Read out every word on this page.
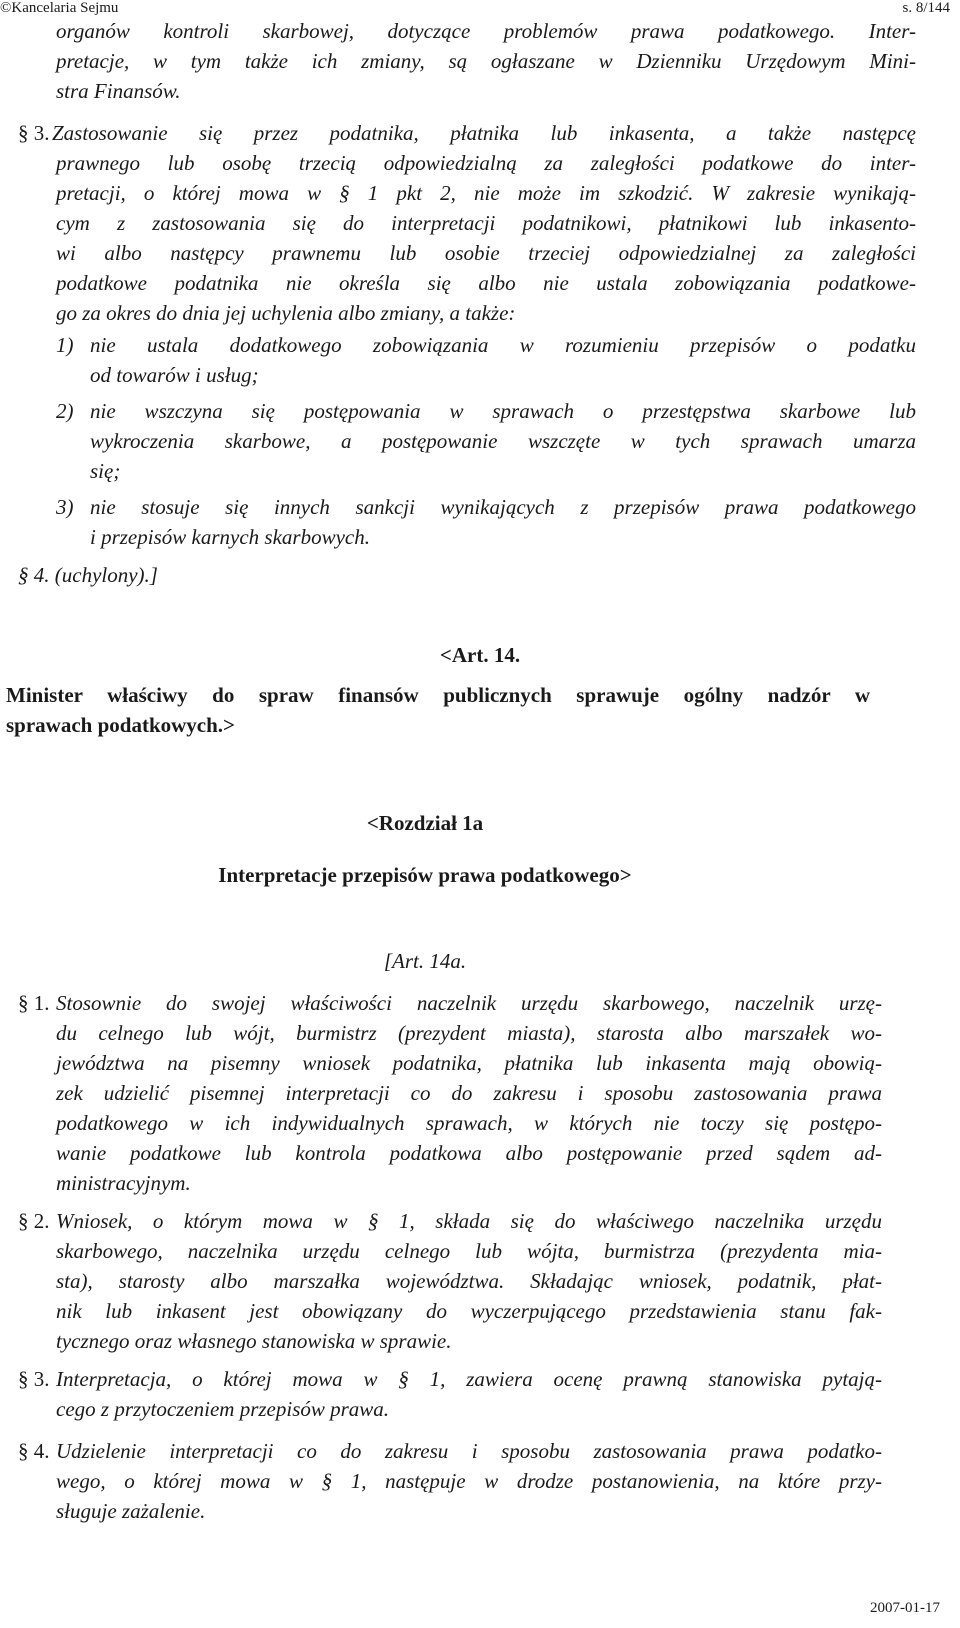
©Kancelaria Sejmu	s. 8/144
organów kontroli skarbowej, dotyczące problemów prawa podatkowego. Inter-
pretacje, w tym także ich zmiany, są ogłaszane w Dzienniku Urzędowym Mini-
stra Finansów.
§ 3. Zastosowanie się przez podatnika, płatnika lub inkasenta, a także następcę
prawnego lub osobę trzecią odpowiedzialną za zaległości podatkowe do inter-
pretacji, o której mowa w § 1 pkt 2, nie może im szkodzić. W zakresie wynikają-
cym z zastosowania się do interpretacji podatnikowi, płatnikowi lub inkasento-
wi albo następcy prawnemu lub osobie trzeciej odpowiedzialnej za zaległości
podatkowe podatnika nie określa się albo nie ustala zobowiązania podatkowe-
go za okres do dnia jej uchylenia albo zmiany, a także:
1) nie ustala dodatkowego zobowiązania w rozumieniu przepisów o podatku
od towarów i usług;
2) nie wszczyna się postępowania w sprawach o przestępstwa skarbowe lub
wykroczenia skarbowe, a postępowanie wszczęte w tych sprawach umarza
się;
3) nie stosuje się innych sankcji wynikających z przepisów prawa podatkowego
i przepisów karnych skarbowych.
§ 4. (uchylony).]
<Art. 14.
Minister właściwy do spraw finansów publicznych sprawuje ogólny nadzór w
sprawach podatkowych.>
<Rozdział 1a
Interpretacje przepisów prawa podatkowego>
[Art. 14a.
§ 1. Stosownie do swojej właściwości naczelnik urzędu skarbowego, naczelnik urzę-
du celnego lub wójt, burmistrz (prezydent miasta), starosta albo marszałek wo-
jewództwa na pisemny wniosek podatnika, płatnika lub inkasenta mają obowią-
zek udzielić pisemnej interpretacji co do zakresu i sposobu zastosowania prawa
podatkowego w ich indywidualnych sprawach, w których nie toczy się postępo-
wanie podatkowe lub kontrola podatkowa albo postępowanie przed sądem ad-
ministracyjnym.
§ 2. Wniosek, o którym mowa w § 1, składa się do właściwego naczelnika urzędu
skarbowego, naczelnika urzędu celnego lub wójta, burmistrza (prezydenta mia-
sta), starosty albo marszałka województwa. Składając wniosek, podatnik, płat-
nik lub inkasent jest obowiązany do wyczerpującego przedstawienia stanu fak-
tycznego oraz własnego stanowiska w sprawie.
§ 3. Interpretacja, o której mowa w § 1, zawiera ocenę prawną stanowiska pytają-
cego z przytoczeniem przepisów prawa.
§ 4. Udzielenie interpretacji co do zakresu i sposobu zastosowania prawa podatko-
wego, o której mowa w § 1, następuje w drodze postanowienia, na które przy-
sługuje zażalenie.
2007-01-17
